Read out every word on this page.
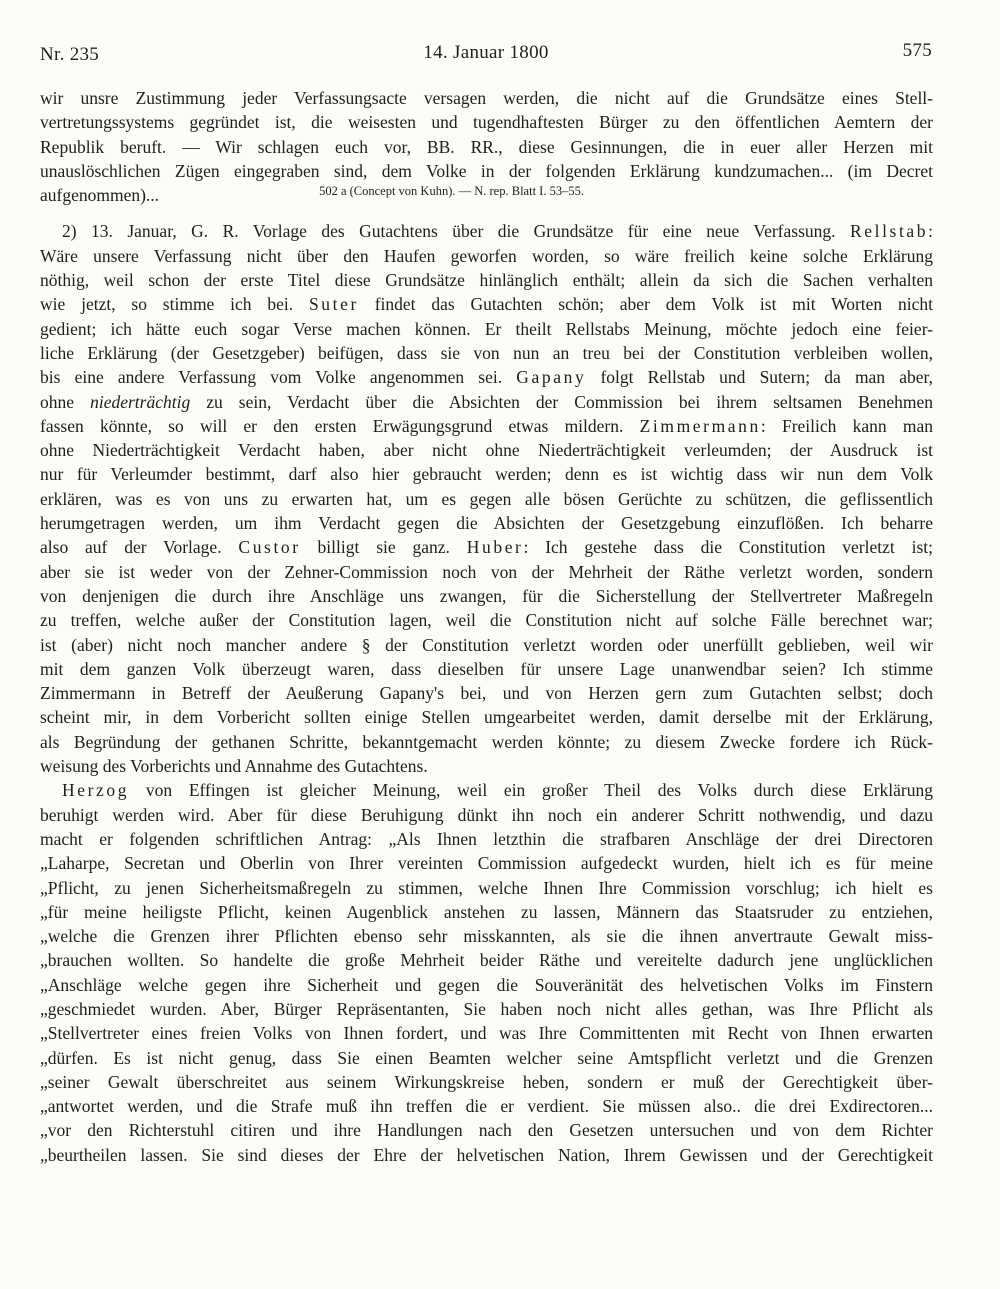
Nr. 235	14. Januar 1800	575
wir unsre Zustimmung jeder Verfassungsacte versagen werden, die nicht auf die Grundsätze eines Stell-
vertretungssystems gegründet ist, die weisesten und tugendhaftesten Bürger zu den öffentlichen Aemtern der
Republik beruft. — Wir schlagen euch vor, BB. RR., diese Gesinnungen, die in euer aller Herzen mit
unauslöschlichen Zügen eingegraben sind, dem Volke in der folgenden Erklärung kundzumachen... (im Decret
aufgenommen)...	$^{502 a (Concept von Kuhn). — N. rep. Blatt I. 53-55.}$
2) 13. Januar, G. R. Vorlage des Gutachtens über die Grundsätze für eine neue Verfassung. Rellstab:
Wäre unsere Verfassung nicht über den Haufen geworfen worden, so wäre freilich keine solche Erklärung
nöthig, weil schon der erste Titel diese Grundsätze hinlänglich enthält; allein da sich die Sachen verhalten
wie jetzt, so stimme ich bei. Suter findet das Gutachten schön; aber dem Volk ist mit Worten nicht
gedient; ich hätte euch sogar Verse machen können. Er theilt Rellstabs Meinung, möchte jedoch eine feier-
liche Erklärung (der Gesetzgeber) beifügen, dass sie von nun an treu bei der Constitution verbleiben wollen,
bis eine andere Verfassung vom Volke angenommen sei. Gapany folgt Rellstab und Sutern; da man aber,
ohne niederträchtig zu sein, Verdacht über die Absichten der Commission bei ihrem seltsamen Benehmen
fassen könnte, so will er den ersten Erwägungsgrund etwas mildern. Zimmermann: Freilich kann man
ohne Niederträchtigkeit Verdacht haben, aber nicht ohne Niederträchtigkeit verleumden; der Ausdruck ist
nur für Verleumder bestimmt, darf also hier gebraucht werden; denn es ist wichtig dass wir nun dem Volk
erklären, was es von uns zu erwarten hat, um es gegen alle bösen Gerüchte zu schützen, die geflissentlich
herumgetragen werden, um ihm Verdacht gegen die Absichten der Gesetzgebung einzuflößen. Ich beharre
also auf der Vorlage. Custor billigt sie ganz. Huber: Ich gestehe dass die Constitution verletzt ist;
aber sie ist weder von der Zehner-Commission noch von der Mehrheit der Räthe verletzt worden, sondern
von denjenigen die durch ihre Anschläge uns zwangen, für die Sicherstellung der Stellvertreter Maßregeln
zu treffen, welche außer der Constitution lagen, weil die Constitution nicht auf solche Fälle berechnet war;
ist (aber) nicht noch mancher andere § der Constitution verletzt worden oder unerfüllt geblieben, weil wir
mit dem ganzen Volk überzeugt waren, dass dieselben für unsere Lage unanwendbar seien? Ich stimme
Zimmermann in Betreff der Aeußerung Gapany's bei, und von Herzen gern zum Gutachten selbst; doch
scheint mir, in dem Vorbericht sollten einige Stellen umgearbeitet werden, damit derselbe mit der Erklärung,
als Begründung der gethanen Schritte, bekanntgemacht werden könnte; zu diesem Zwecke fordere ich Rück-
weisung des Vorberichts und Annahme des Gutachtens.
Herzog von Effingen ist gleicher Meinung, weil ein großer Theil des Volks durch diese Erklärung
beruhigt werden wird. Aber für diese Beruhigung dünkt ihn noch ein anderer Schritt nothwendig, und dazu
macht er folgenden schriftlichen Antrag: „Als Ihnen letzthin die strafbaren Anschläge der drei Directoren
„Laharpe, Secretan und Oberlin von Ihrer vereinten Commission aufgedeckt wurden, hielt ich es für meine
„Pflicht, zu jenen Sicherheitsmaßregeln zu stimmen, welche Ihnen Ihre Commission vorschlug; ich hielt es
„für meine heiligste Pflicht, keinen Augenblick anstehen zu lassen, Männern das Staatsruder zu entziehen,
„welche die Grenzen ihrer Pflichten ebenso sehr misskannten, als sie die ihnen anvertraute Gewalt miss-
„brauchen wollten. So handelte die große Mehrheit beider Räthe und vereitelte dadurch jene unglücklichen
„Anschläge welche gegen ihre Sicherheit und gegen die Souveränität des helvetischen Volks im Finstern
„geschmiedet wurden. Aber, Bürger Repräsentanten, Sie haben noch nicht alles gethan, was Ihre Pflicht als
„Stellvertreter eines freien Volks von Ihnen fordert, und was Ihre Committenten mit Recht von Ihnen erwarten
„dürfen. Es ist nicht genug, dass Sie einen Beamten welcher seine Amtspflicht verletzt und die Grenzen
„seiner Gewalt überschreitet aus seinem Wirkungskreise heben, sondern er muß der Gerechtigkeit über-
„antwortet werden, und die Strafe muß ihn treffen die er verdient. Sie müssen also.. die drei Exdirectoren...
„vor den Richterstuhl citiren und ihre Handlungen nach den Gesetzen untersuchen und von dem Richter
„beurtheilen lassen. Sie sind dieses der Ehre der helvetischen Nation, Ihrem Gewissen und der Gerechtigkeit
